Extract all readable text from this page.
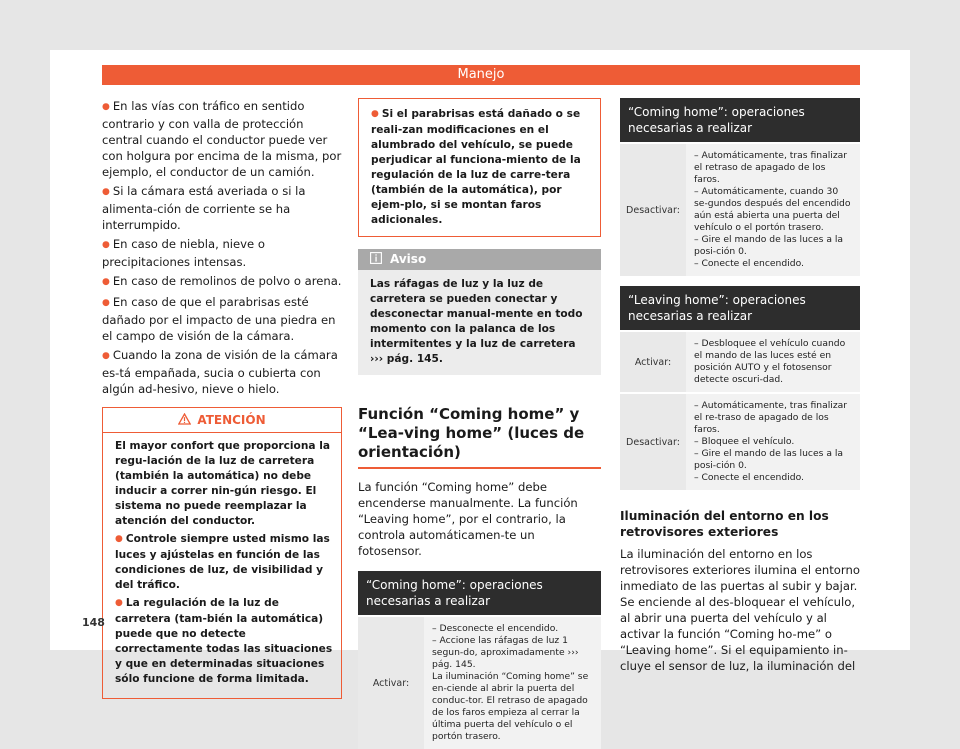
Manejo

● En las vías con tráfico en sentido contrario y con valla de protección central cuando el conductor puede ver con holgura por encima de la misma, por ejemplo, el conductor de un camión.

● Si la cámara está averiada o si la alimenta-ción de corriente se ha interrumpido.

● En caso de niebla, nieve o precipitaciones intensas.

● En caso de remolinos de polvo o arena.

● En caso de que el parabrisas esté dañado por el impacto de una piedra en el campo de visión de la cámara.

● Cuando la zona de visión de la cámara es-tá empañada, sucia o cubierta con algún ad-hesivo, nieve o hielo.

ATENCIÓN

El mayor confort que proporciona la regu-lación de la luz de carretera (también la automática) no debe inducir a correr nin-gún riesgo. El sistema no puede reemplazar la atención del conductor.

● Controle siempre usted mismo las luces y ajústelas en función de las condiciones de luz, de visibilidad y del tráfico.

● La regulación de la luz de carretera (tam-bién la automática) puede que no detecte correctamente todas las situaciones y que en determinadas situaciones sólo funcione de forma limitada.

● Si el parabrisas está dañado o se reali-zan modificaciones en el alumbrado del vehículo, se puede perjudicar al funciona-miento de la regulación de la luz de carre-tera (también de la automática), por ejem-plo, si se montan faros adicionales.

Aviso

Las ráfagas de luz y la luz de carretera se pueden conectar y desconectar manual-mente en todo momento con la palanca de los intermitentes y la luz de carretera ››› pág. 145.

Función “Coming home” y “Lea-ving home” (luces de orientación)

La función “Coming home” debe encenderse manualmente. La función “Leaving home”, por el contrario, la controla automáticamen-te un fotosensor.

“Coming home”: operaciones necesarias a realizar
Activar:	
– Desconecte el encendido.
– Accione las ráfagas de luz 1 segun-do, aproximadamente ››› pág. 145.
La iluminación “Coming home” se en-ciende al abrir la puerta del conduc-tor. El retraso de apagado de los faros empieza al cerrar la última puerta del vehículo o el portón trasero.
“Coming home”: operaciones necesarias a realizar
Desactivar:	
– Automáticamente, tras finalizar el retraso de apagado de los faros.
– Automáticamente, cuando 30 se-gundos después del encendido aún está abierta una puerta del vehículo o el portón trasero.
– Gire el mando de las luces a la posi-ción 0.
– Conecte el encendido.
“Leaving home”: operaciones necesarias a realizar	
Activar:	– Desbloquee el vehículo cuando el mando de las luces esté en posición AUTO y el fotosensor detecte oscuri-dad.

Desactivar:	– Automáticamente, tras finalizar el re-traso de apagado de los faros.
– Bloquee el vehículo.
– Gire el mando de las luces a la posi-ción 0.
– Conecte el encendido.
Iluminación del entorno en los retrovisores exteriores

La iluminación del entorno en los retrovisores exteriores ilumina el entorno inmediato de las puertas al subir y bajar. Se enciende al des-bloquear el vehículo, al abrir una puerta del vehículo y al activar la función “Coming ho-me” o “Leaving home”. Si el equipamiento in-cluye el sensor de luz, la iluminación del

148
